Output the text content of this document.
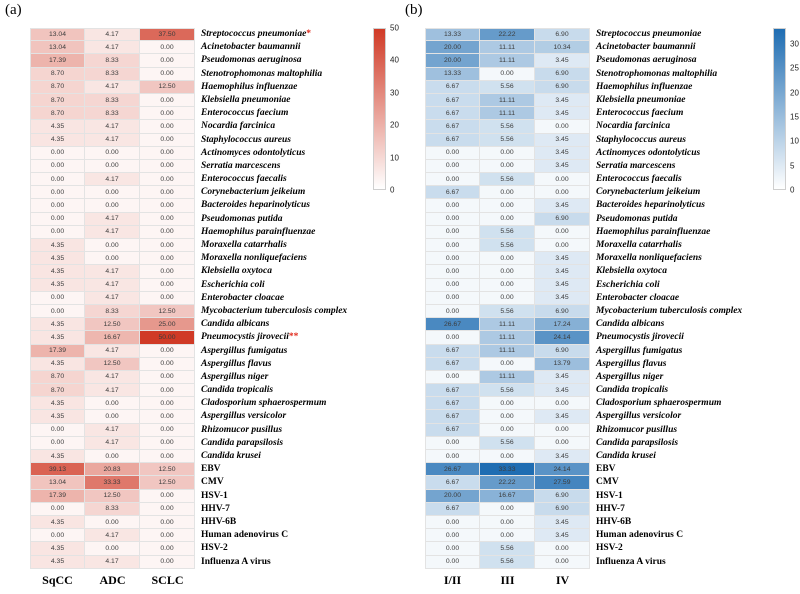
(a)
13.04	4.17	37.50	Streptococcus pneumoniae*
13.04	4.17	0.00	Acinetobacter baumannii
17.39	8.33	0.00	Pseudomonas aeruginosa
8.70	8.33	0.00	Stenotrophomonas maltophilia
8.70	4.17	12.50	Haemophilus influenzae
8.70	8.33	0.00	Klebsiella pneumoniae
8.70	8.33	0.00	Enterococcus faecium
4.35	4.17	0.00	Nocardia farcinica
4.35	4.17	0.00	Staphylococcus aureus
0.00	0.00	0.00	Actinomyces odontolyticus
0.00	0.00	0.00	Serratia marcescens
0.00	4.17	0.00	Enterococcus faecalis
0.00	0.00	0.00	Corynebacterium jeikeium
0.00	0.00	0.00	Bacteroides heparinolyticus
0.00	4.17	0.00	Pseudomonas putida
0.00	4.17	0.00	Haemophilus parainfluenzae
4.35	0.00	0.00	Moraxella catarrhalis
4.35	0.00	0.00	Moraxella nonliquefaciens
4.35	4.17	0.00	Klebsiella oxytoca
4.35	4.17	0.00	Escherichia coli
0.00	4.17	0.00	Enterobacter cloacae
0.00	8.33	12.50	Mycobacterium tuberculosis complex
4.35	12.50	25.00	Candida albicans
4.35	16.67	50.00	Pneumocystis jirovecii**
17.39	4.17	0.00	Aspergillus fumigatus
4.35	12.50	0.00	Aspergillus flavus
8.70	4.17	0.00	Aspergillus niger
8.70	4.17	0.00	Candida tropicalis
4.35	0.00	0.00	Cladosporium sphaerospermum
4.35	0.00	0.00	Aspergillus versicolor
0.00	4.17	0.00	Rhizomucor pusillus
0.00	4.17	0.00	Candida parapsilosis
4.35	0.00	0.00	Candida krusei
39.13	20.83	12.50	EBV
13.04	33.33	12.50	CMV
17.39	12.50	0.00	HSV-1
0.00	8.33	0.00	HHV-7
4.35	0.00	0.00	HHV-6B
0.00	4.17	0.00	Human adenovirus C
4.35	0.00	0.00	HSV-2
4.35	4.17	0.00	Influenza A virus
SqCC	ADC	SCLC
50
40
30
20
10
0
(b)
13.33	22.22	6.90	Streptococcus pneumoniae
20.00	11.11	10.34	Acinetobacter baumannii
20.00	11.11	3.45	Pseudomonas aeruginosa
13.33	0.00	6.90	Stenotrophomonas maltophilia
6.67	5.56	6.90	Haemophilus influenzae
6.67	11.11	3.45	Klebsiella pneumoniae
6.67	11.11	3.45	Enterococcus faecium
6.67	5.56	0.00	Nocardia farcinica
6.67	5.56	3.45	Staphylococcus aureus
0.00	0.00	3.45	Actinomyces odontolyticus
0.00	0.00	3.45	Serratia marcescens
0.00	5.56	0.00	Enterococcus faecalis
6.67	0.00	0.00	Corynebacterium jeikeium
0.00	0.00	3.45	Bacteroides heparinolyticus
0.00	0.00	6.90	Pseudomonas putida
0.00	5.56	0.00	Haemophilus parainfluenzae
0.00	5.56	0.00	Moraxella catarrhalis
0.00	0.00	3.45	Moraxella nonliquefaciens
0.00	0.00	3.45	Klebsiella oxytoca
0.00	0.00	3.45	Escherichia coli
0.00	0.00	3.45	Enterobacter cloacae
0.00	5.56	6.90	Mycobacterium tuberculosis complex
26.67	11.11	17.24	Candida albicans
0.00	11.11	24.14	Pneumocystis jirovecii
6.67	11.11	6.90	Aspergillus fumigatus
6.67	0.00	13.79	Aspergillus flavus
0.00	11.11	3.45	Aspergillus niger
6.67	5.56	3.45	Candida tropicalis
6.67	0.00	0.00	Cladosporium sphaerospermum
6.67	0.00	3.45	Aspergillus versicolor
6.67	0.00	0.00	Rhizomucor pusillus
0.00	5.56	0.00	Candida parapsilosis
0.00	0.00	3.45	Candida krusei
26.67	33.33	24.14	EBV
6.67	22.22	27.59	CMV
20.00	16.67	6.90	HSV-1
6.67	0.00	6.90	HHV-7
0.00	0.00	3.45	HHV-6B
0.00	0.00	3.45	Human adenovirus C
0.00	5.56	0.00	HSV-2
0.00	5.56	0.00	Influenza A virus
I/II	III	IV
30
25
20
15
10
5
0
